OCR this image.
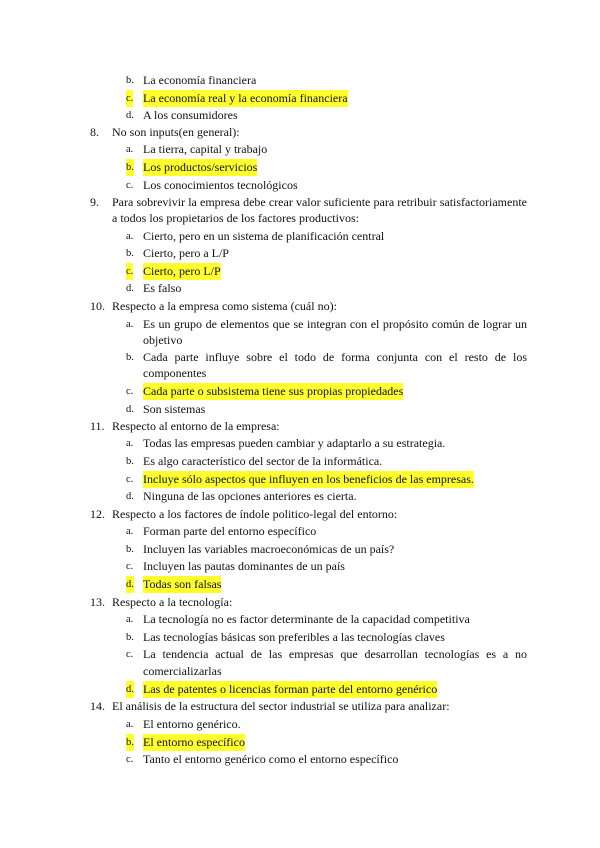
b. La economía financiera
c. La economía real y la economía financiera
d. A los consumidores
8. No son inputs(en general):
a. La tierra, capital y trabajo
b. Los productos/servicios
c. Los conocimientos tecnológicos
9. Para sobrevivir la empresa debe crear valor suficiente para retribuir satisfactoriamente
a todos los propietarios de los factores productivos:
a. Cierto, pero en un sistema de planificación central
b. Cierto, pero a L/P
c. Cierto, pero L/P
d. Es falso
10. Respecto a la empresa como sistema (cuál no):
a. Es un grupo de elementos que se integran con el propósito común de lograr un
objetivo
b. Cada parte influye sobre el todo de forma conjunta con el resto de los
componentes
c. Cada parte o subsistema tiene sus propias propiedades
d. Son sistemas
11. Respecto al entorno de la empresa:
a. Todas las empresas pueden cambiar y adaptarlo a su estrategia.
b. Es algo característico del sector de la informática.
c. Incluye sólo aspectos que influyen en los beneficios de las empresas.
d. Ninguna de las opciones anteriores es cierta.
12. Respecto a los factores de índole politico-legal del entorno:
a. Forman parte del entorno específico
b. Incluyen las variables macroeconómicas de un país?
c. Incluyen las pautas dominantes de un país
d. Todas son falsas
13. Respecto a la tecnología:
a. La tecnología no es factor determinante de la capacidad competitiva
b. Las tecnologías básicas son preferibles a las tecnologías claves
c. La tendencia actual de las empresas que desarrollan tecnologías es a no
comercializarlas
d. Las de patentes o licencias forman parte del entorno genérico
14. El análisis de la estructura del sector industrial se utiliza para analizar:
a. El entorno genérico.
b. El entorno específico
c. Tanto el entorno genérico como el entorno específico
